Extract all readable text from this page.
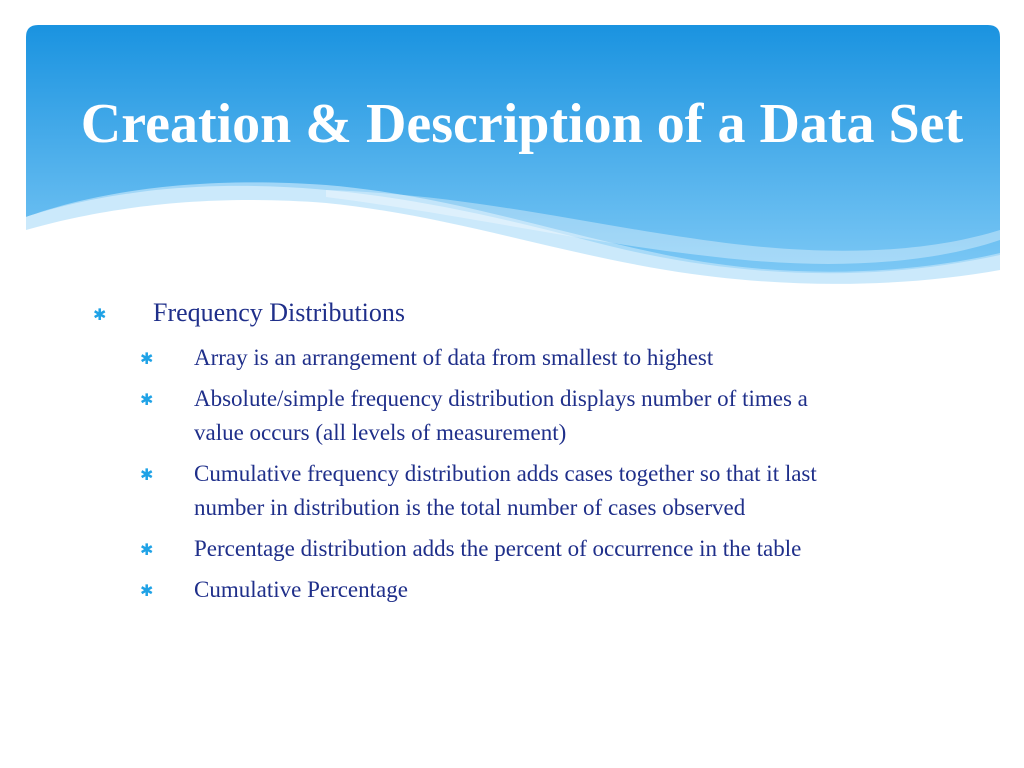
Creation & Description of a Data Set
✱ Frequency Distributions
✱ Array is an arrangement of data from smallest to highest
✱ Absolute/simple frequency distribution displays number of times a
value occurs (all levels of measurement)
✱ Cumulative frequency distribution adds cases together so that it last
number in distribution is the total number of cases observed
✱ Percentage distribution adds the percent of occurrence in the table
✱ Cumulative Percentage
